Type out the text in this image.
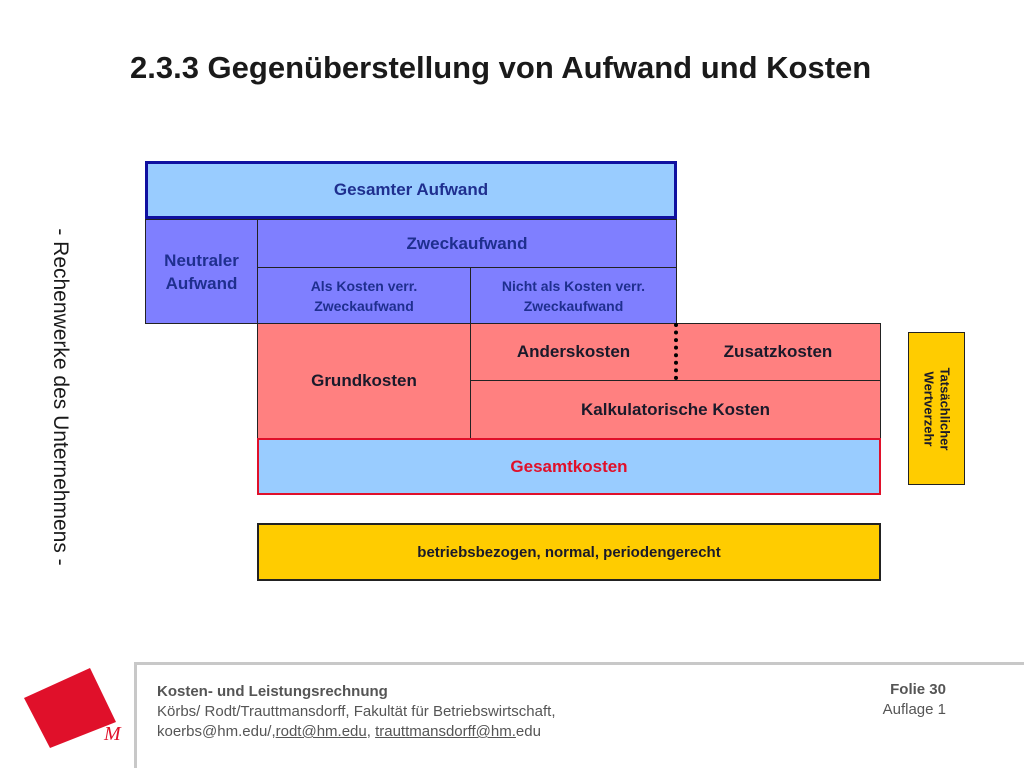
2.3.3 Gegenüberstellung von Aufwand und Kosten
- Rechenwerke des Unternehmens -
Gesamter Aufwand
Neutraler Aufwand
Zweckaufwand
Als Kosten verr. Zweckaufwand
Nicht als Kosten verr. Zweckaufwand
Grundkosten
Anderskosten	Zusatzkosten
Kalkulatorische Kosten
Gesamtkosten
Tatsächlicher Wertverzehr
betriebsbezogen, normal, periodengerecht
M
Kosten- und Leistungsrechnung
Körbs/ Rodt/Trauttmansdorff, Fakultät für Betriebswirtschaft,
koerbs@hm.edu/,rodt@hm.edu, trauttmansdorff@hm.edu
Folie 30
Auflage 1
